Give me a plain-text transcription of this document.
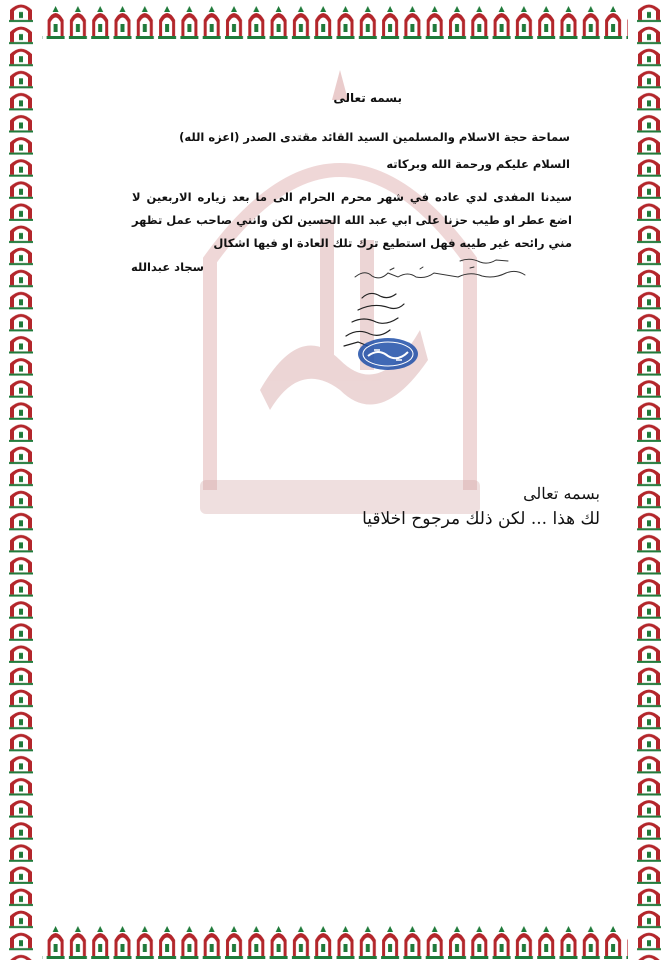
بسمه تعالى
سماحة حجة الاسلام والمسلمين السيد القائد مقتدى الصدر (اعزه الله)
السلام عليكم ورحمة الله وبركاته
سيدنا المفدى لدي عاده في شهر محرم الحرام الى ما بعد زياره الاربعين لا اضع عطر او طيب حزنا على ابي عبد الله الحسين لكن وانني صاحب عمل تظهر مني رائحه غير طيبه فهل استطيع ترك تلك العادة او فيها اشكال
سجاد عبدالله
بسمه تعالى
لك هذا ... لكن ذلك مرجوح اخلاقيا
